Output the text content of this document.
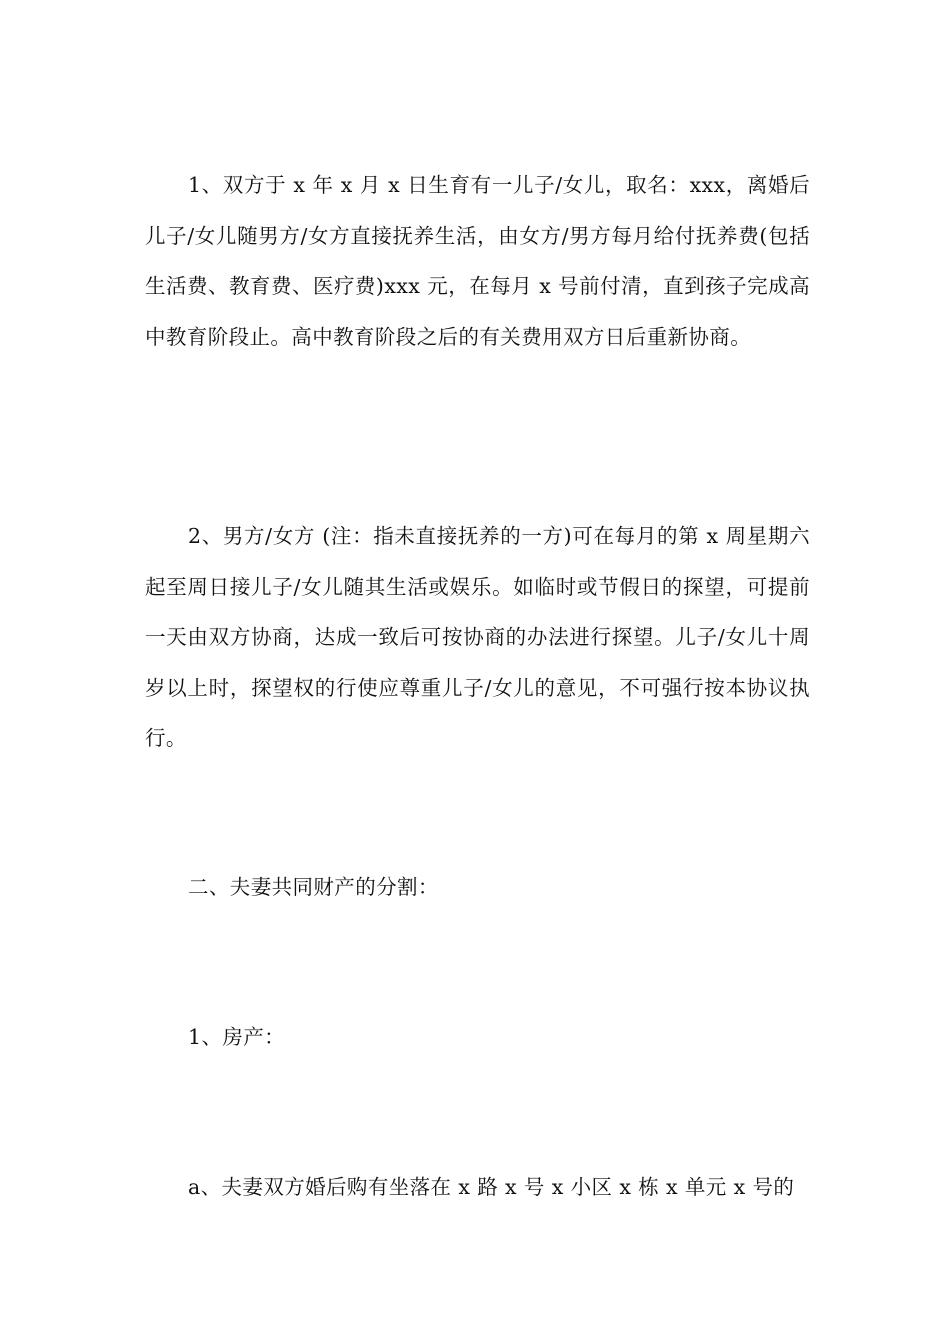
1、双方于 x 年 x 月 x 日生育有一儿子/女儿，取名：xxx，离婚后儿子/女儿随男方/女方直接抚养生活，由女方/男方每月给付抚养费(包括生活费、教育费、医疗费)xxx 元，在每月 x 号前付清，直到孩子完成高中教育阶段止。高中教育阶段之后的有关费用双方日后重新协商。

2、男方/女方 (注：指未直接抚养的一方)可在每月的第 x 周星期六起至周日接儿子/女儿随其生活或娱乐。如临时或节假日的探望，可提前一天由双方协商，达成一致后可按协商的办法进行探望。儿子/女儿十周岁以上时，探望权的行使应尊重儿子/女儿的意见，不可强行按本协议执行。

二、夫妻共同财产的分割：

1、房产：

a、夫妻双方婚后购有坐落在 x 路 x 号 x 小区 x 栋 x 单元 x 号的
